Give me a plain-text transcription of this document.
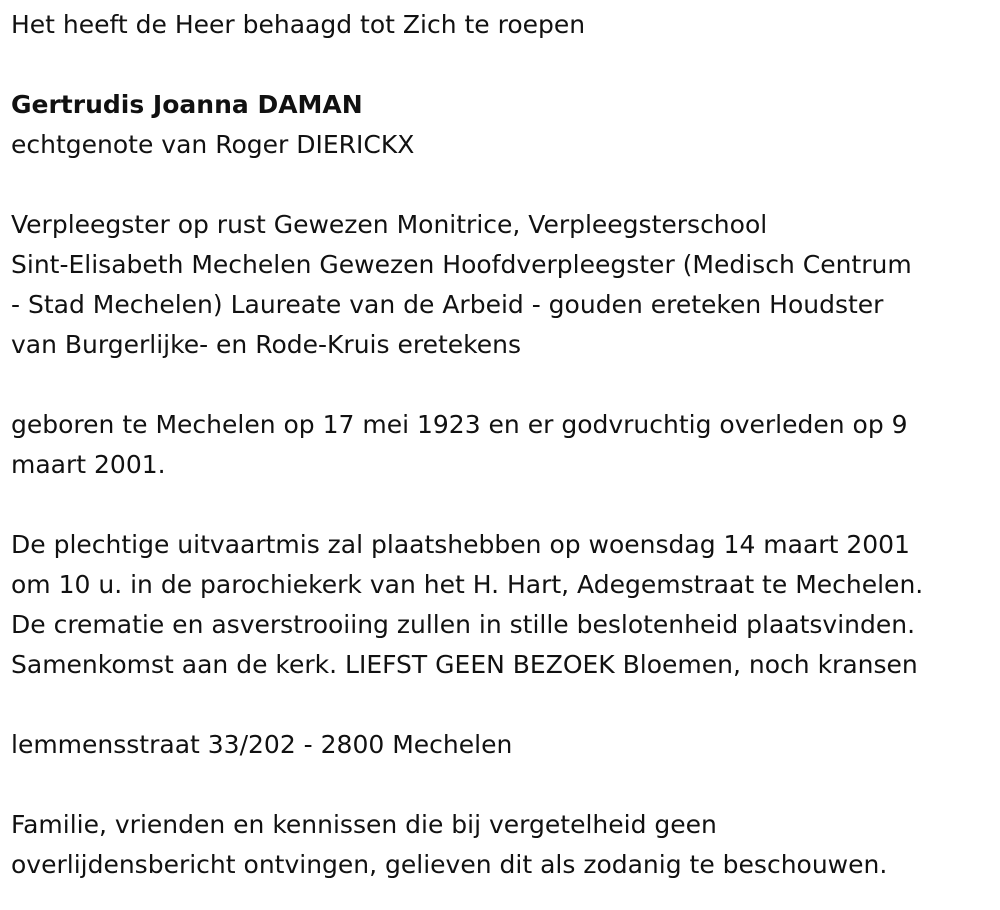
Het heeft de Heer behaagd tot Zich te roepen
Gertrudis Joanna DAMAN
echtgenote van Roger DIERICKX
Verpleegster op rust Gewezen Monitrice, Verpleegsterschool
Sint-Elisabeth Mechelen Gewezen Hoofdverpleegster (Medisch Centrum
- Stad Mechelen) Laureate van de Arbeid - gouden ereteken Houdster
van Burgerlijke- en Rode-Kruis eretekens
geboren te Mechelen op 17 mei 1923 en er godvruchtig overleden op 9
maart 2001.
De plechtige uitvaartmis zal plaatshebben op woensdag 14 maart 2001
om 10 u. in de parochiekerk van het H. Hart, Adegemstraat te Mechelen.
De crematie en asverstrooiing zullen in stille beslotenheid plaatsvinden.
Samenkomst aan de kerk. LIEFST GEEN BEZOEK Bloemen, noch kransen
lemmensstraat 33/202 - 2800 Mechelen
Familie, vrienden en kennissen die bij vergetelheid geen
overlijdensbericht ontvingen, gelieven dit als zodanig te beschouwen.
